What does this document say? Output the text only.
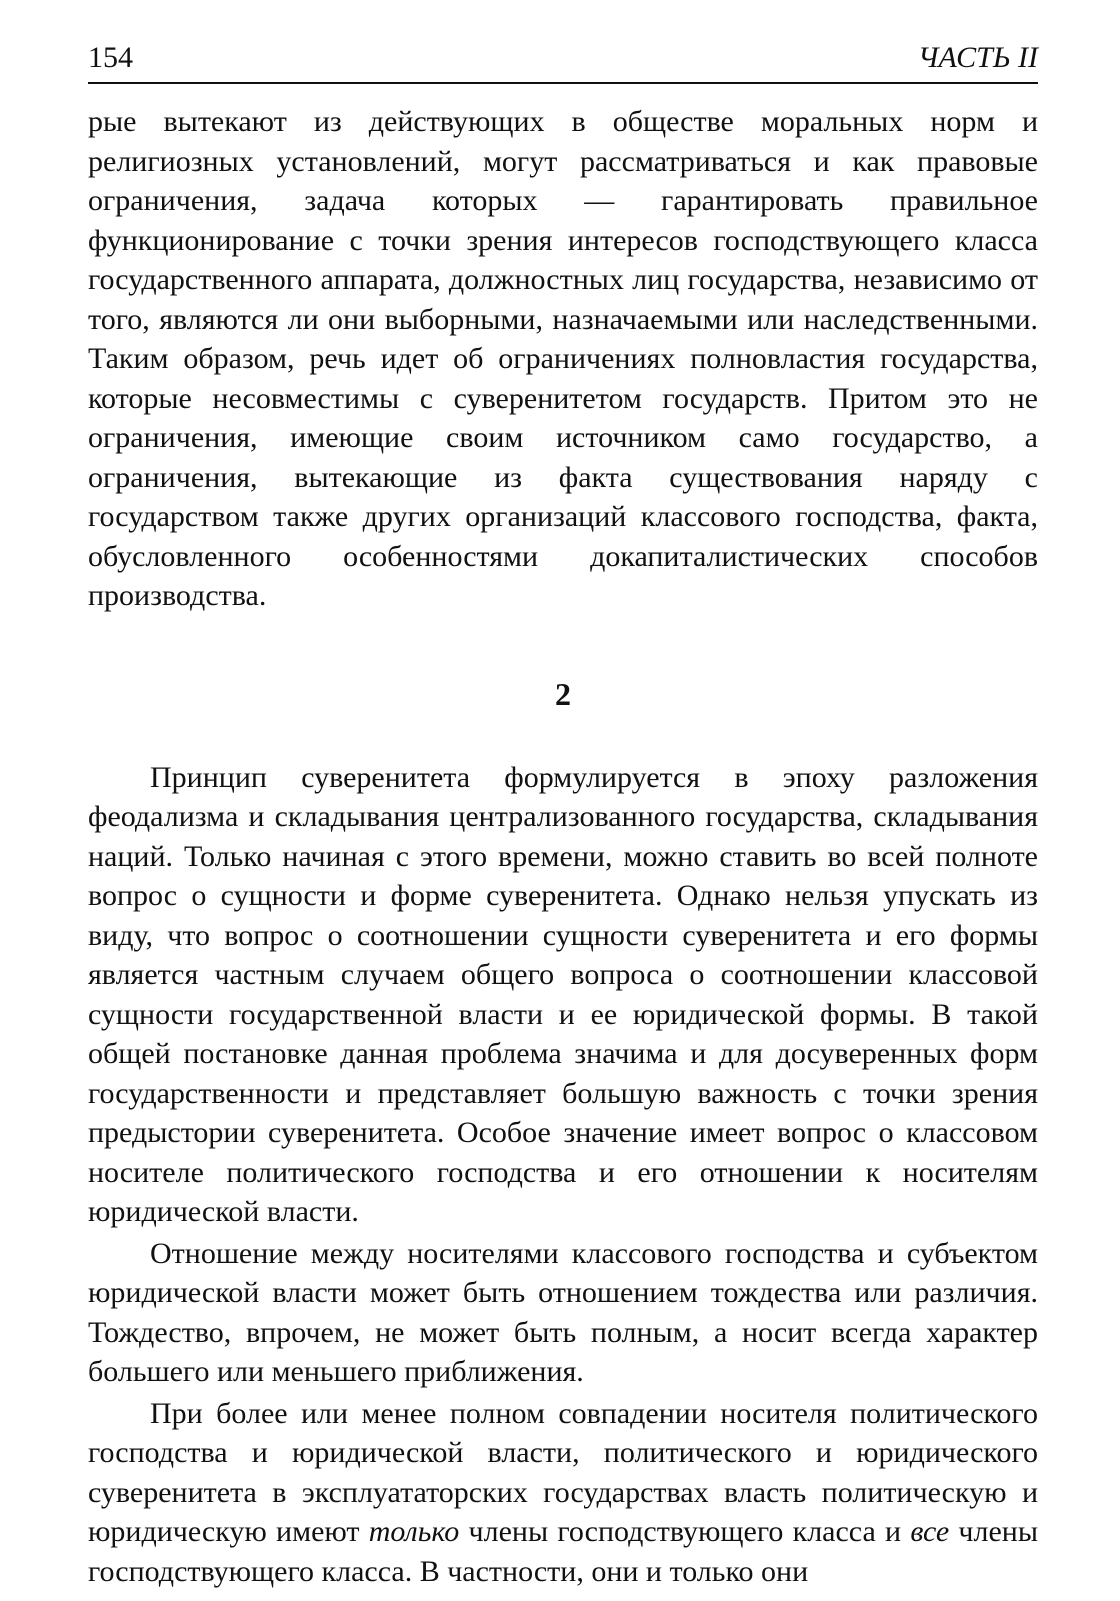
154	ЧАСТЬ II

рые вытекают из действующих в обществе моральных норм и религиозных установлений, могут рассматриваться и как правовые ограничения, задача которых — гарантировать правильное функционирование с точки зрения интересов господствующего класса государственного аппарата, должностных лиц государства, независимо от того, являются ли они выборными, назначаемыми или наследственными. Таким образом, речь идет об ограничениях полновластия государства, которые несовместимы с суверенитетом государств. Притом это не ограничения, имеющие своим источником само государство, а ограничения, вытекающие из факта существования наряду с государством также других организаций классового господства, факта, обусловленного особенностями докапиталистических способов производства.

2

Принцип суверенитета формулируется в эпоху разложения феодализма и складывания централизованного государства, складывания наций. Только начиная с этого времени, можно ставить во всей полноте вопрос о сущности и форме суверенитета. Однако нельзя упускать из виду, что вопрос о соотношении сущности суверенитета и его формы является частным случаем общего вопроса о соотношении классовой сущности государственной власти и ее юридической формы. В такой общей постановке данная проблема значима и для досуверенных форм государственности и представляет большую важность с точки зрения предыстории суверенитета. Особое значение имеет вопрос о классовом носителе политического господства и его отношении к носителям юридической власти.

Отношение между носителями классового господства и субъектом юридической власти может быть отношением тождества или различия. Тождество, впрочем, не может быть полным, а носит всегда характер большего или меньшего приближения.

При более или менее полном совпадении носителя политического господства и юридической власти, политического и юридического суверенитета в эксплуататорских государствах власть политическую и юридическую имеют только члены господствующего класса и все члены господствующего класса. В частности, они и только они
